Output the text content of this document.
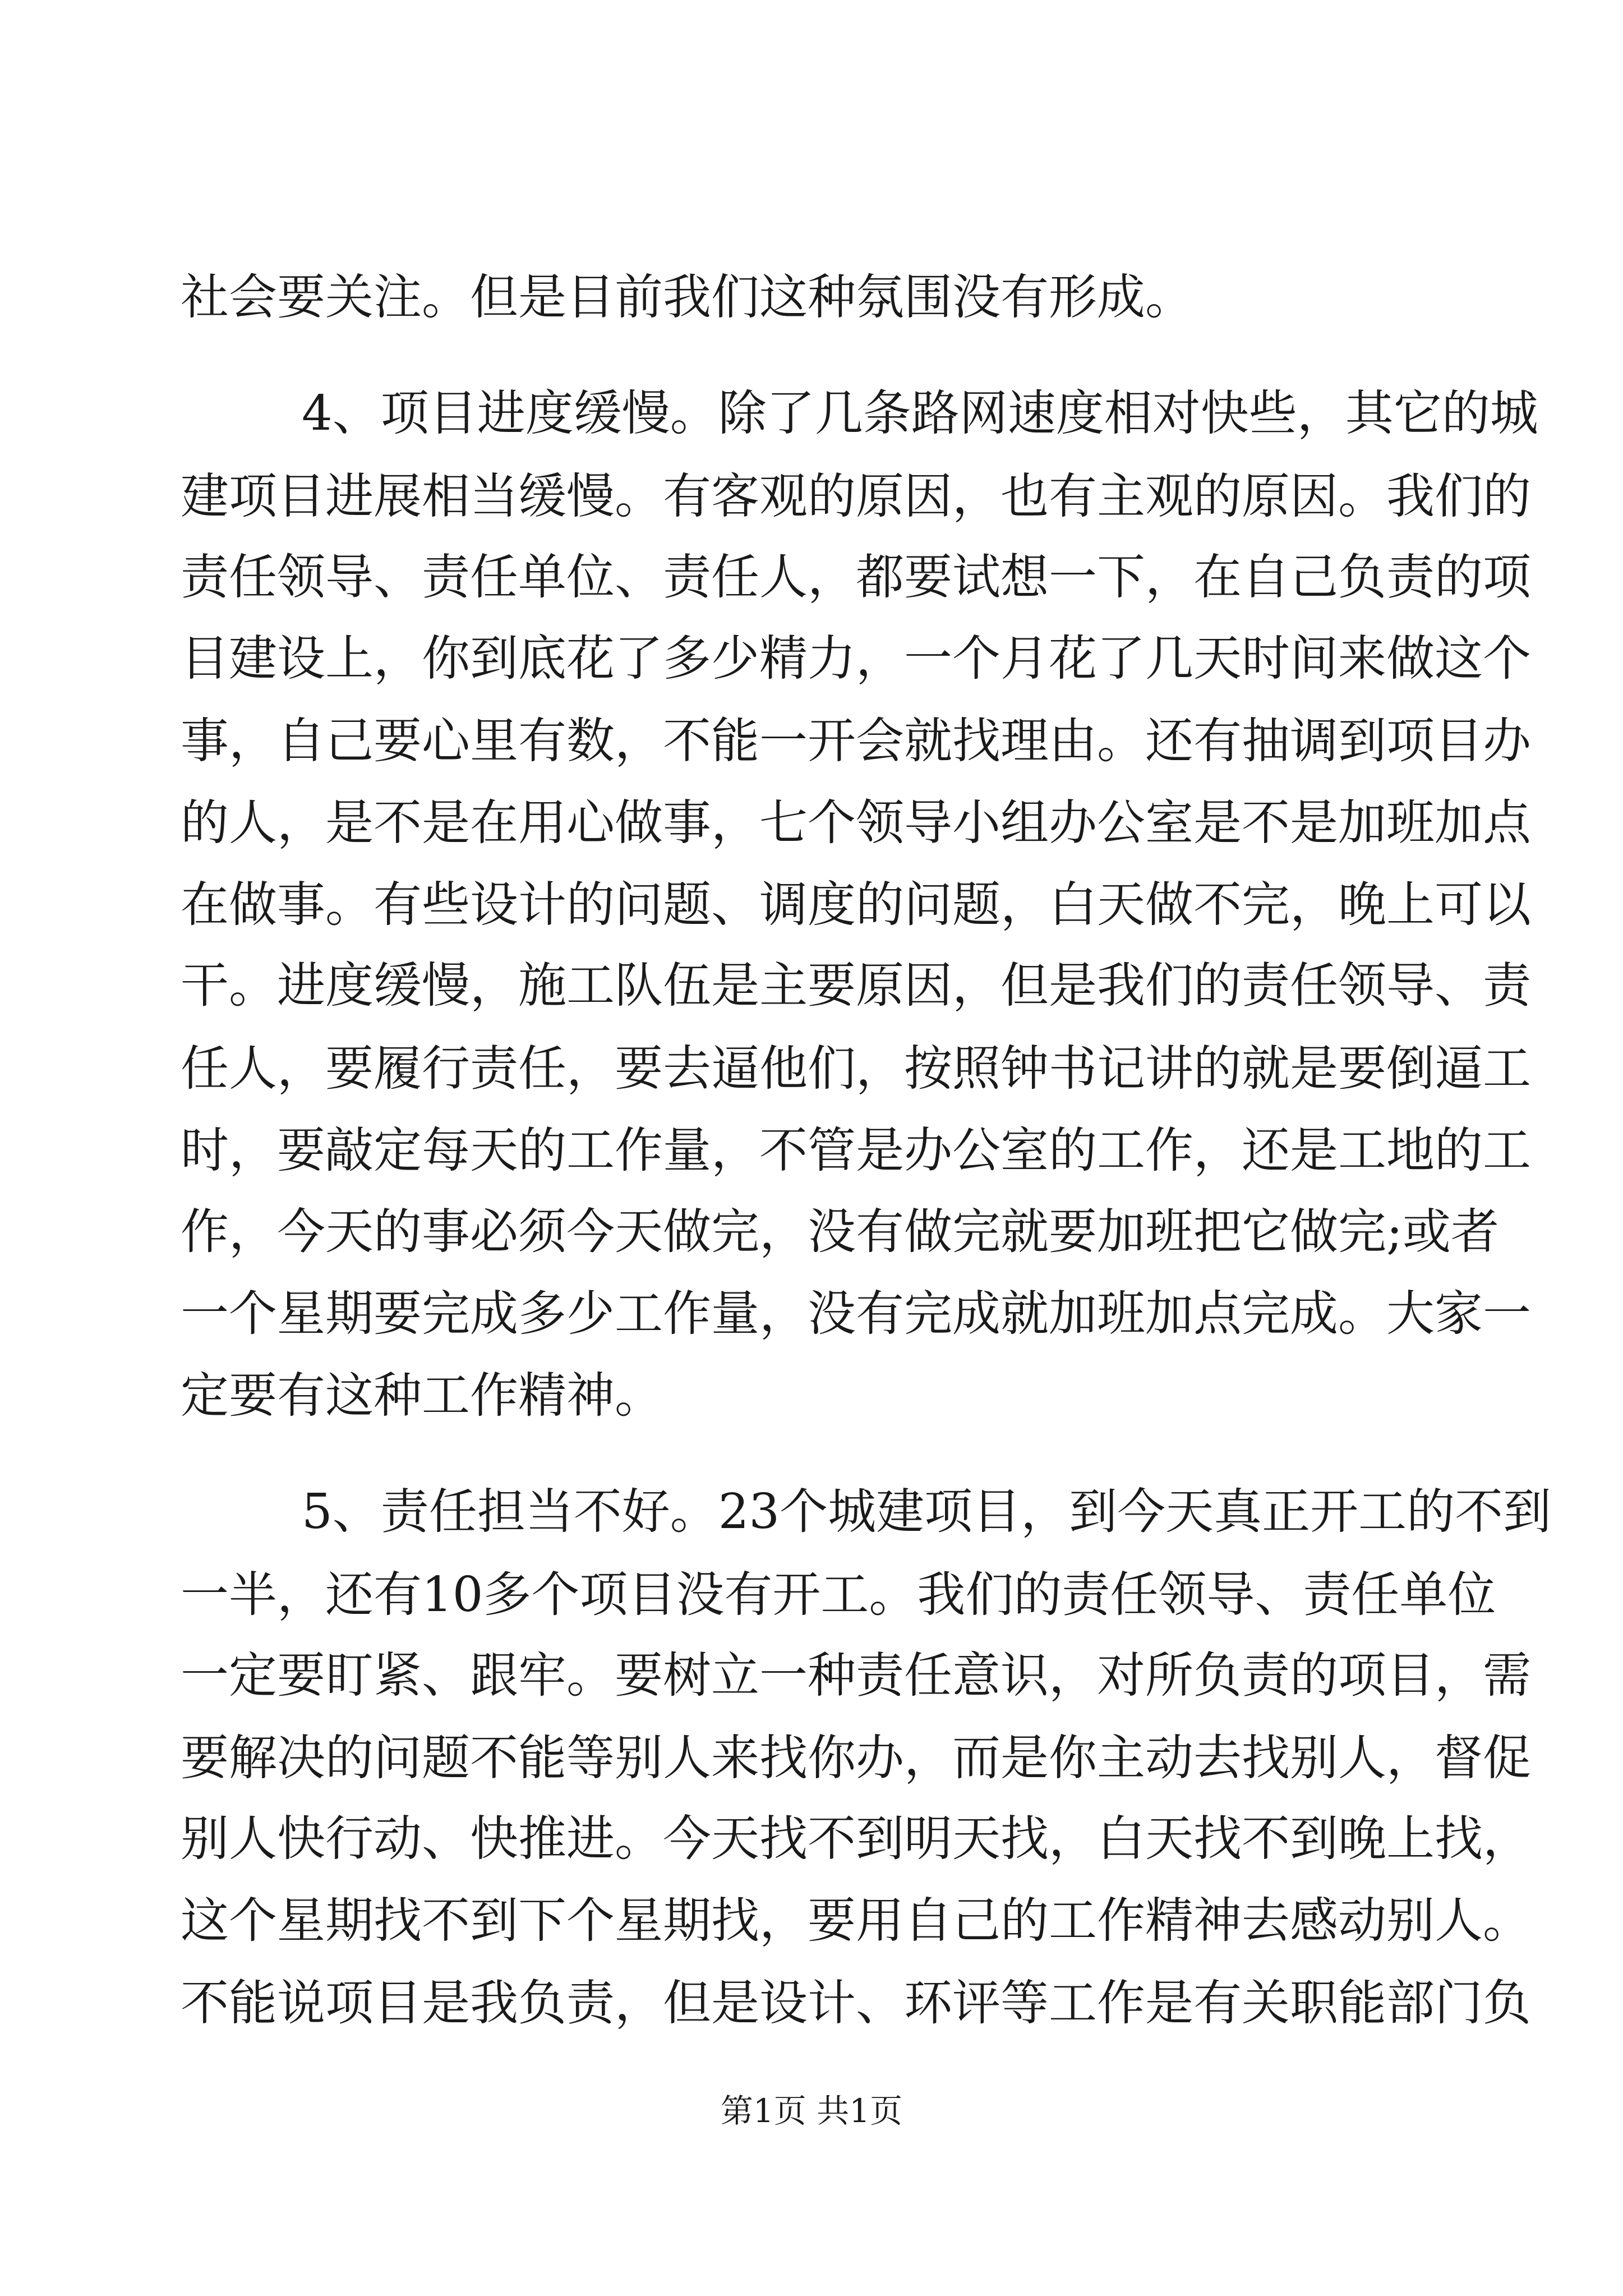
社会要关注。但是目前我们这种氛围没有形成。
4、项目进度缓慢。除了几条路网速度相对快些，其它的城
建项目进展相当缓慢。有客观的原因，也有主观的原因。我们的
责任领导、责任单位、责任人，都要试想一下，在自己负责的项
目建设上，你到底花了多少精力，一个月花了几天时间来做这个
事，自己要心里有数，不能一开会就找理由。还有抽调到项目办
的人，是不是在用心做事，七个领导小组办公室是不是加班加点
在做事。有些设计的问题、调度的问题，白天做不完，晚上可以
干。进度缓慢，施工队伍是主要原因，但是我们的责任领导、责
任人，要履行责任，要去逼他们，按照钟书记讲的就是要倒逼工
时，要敲定每天的工作量，不管是办公室的工作，还是工地的工
作，今天的事必须今天做完，没有做完就要加班把它做完;或者
一个星期要完成多少工作量，没有完成就加班加点完成。大家一
定要有这种工作精神。
5、责任担当不好。23个城建项目，到今天真正开工的不到
一半，还有10多个项目没有开工。我们的责任领导、责任单位
一定要盯紧、跟牢。要树立一种责任意识，对所负责的项目，需
要解决的问题不能等别人来找你办，而是你主动去找别人，督促
别人快行动、快推进。今天找不到明天找，白天找不到晚上找，
这个星期找不到下个星期找，要用自己的工作精神去感动别人。
不能说项目是我负责，但是设计、环评等工作是有关职能部门负
第1页 共1页
